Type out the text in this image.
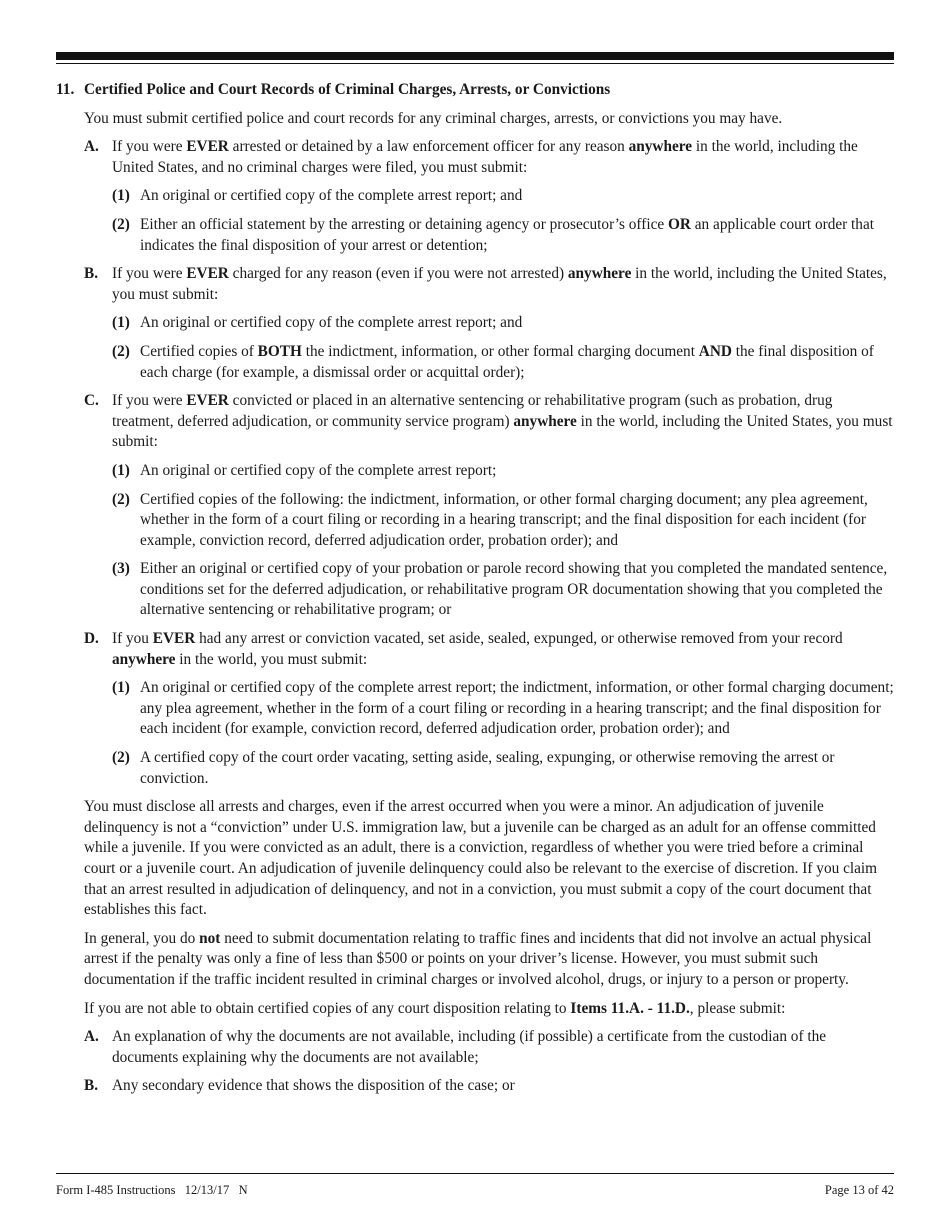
11. Certified Police and Court Records of Criminal Charges, Arrests, or Convictions
You must submit certified police and court records for any criminal charges, arrests, or convictions you may have.
A. If you were EVER arrested or detained by a law enforcement officer for any reason anywhere in the world, including the United States, and no criminal charges were filed, you must submit:
(1) An original or certified copy of the complete arrest report; and
(2) Either an official statement by the arresting or detaining agency or prosecutor’s office OR an applicable court order that indicates the final disposition of your arrest or detention;
B. If you were EVER charged for any reason (even if you were not arrested) anywhere in the world, including the United States, you must submit:
(1) An original or certified copy of the complete arrest report; and
(2) Certified copies of BOTH the indictment, information, or other formal charging document AND the final disposition of each charge (for example, a dismissal order or acquittal order);
C. If you were EVER convicted or placed in an alternative sentencing or rehabilitative program (such as probation, drug treatment, deferred adjudication, or community service program) anywhere in the world, including the United States, you must submit:
(1) An original or certified copy of the complete arrest report;
(2) Certified copies of the following: the indictment, information, or other formal charging document; any plea agreement, whether in the form of a court filing or recording in a hearing transcript; and the final disposition for each incident (for example, conviction record, deferred adjudication order, probation order); and
(3) Either an original or certified copy of your probation or parole record showing that you completed the mandated sentence, conditions set for the deferred adjudication, or rehabilitative program OR documentation showing that you completed the alternative sentencing or rehabilitative program; or
D. If you EVER had any arrest or conviction vacated, set aside, sealed, expunged, or otherwise removed from your record anywhere in the world, you must submit:
(1) An original or certified copy of the complete arrest report; the indictment, information, or other formal charging document; any plea agreement, whether in the form of a court filing or recording in a hearing transcript; and the final disposition for each incident (for example, conviction record, deferred adjudication order, probation order); and
(2) A certified copy of the court order vacating, setting aside, sealing, expunging, or otherwise removing the arrest or conviction.
You must disclose all arrests and charges, even if the arrest occurred when you were a minor. An adjudication of juvenile delinquency is not a “conviction” under U.S. immigration law, but a juvenile can be charged as an adult for an offense committed while a juvenile. If you were convicted as an adult, there is a conviction, regardless of whether you were tried before a criminal court or a juvenile court. An adjudication of juvenile delinquency could also be relevant to the exercise of discretion. If you claim that an arrest resulted in adjudication of delinquency, and not in a conviction, you must submit a copy of the court document that establishes this fact.
In general, you do not need to submit documentation relating to traffic fines and incidents that did not involve an actual physical arrest if the penalty was only a fine of less than $500 or points on your driver’s license. However, you must submit such documentation if the traffic incident resulted in criminal charges or involved alcohol, drugs, or injury to a person or property.
If you are not able to obtain certified copies of any court disposition relating to Items 11.A. - 11.D., please submit:
A. An explanation of why the documents are not available, including (if possible) a certificate from the custodian of the documents explaining why the documents are not available;
B. Any secondary evidence that shows the disposition of the case; or
Form I-485 Instructions   12/13/17   N	Page 13 of 42
